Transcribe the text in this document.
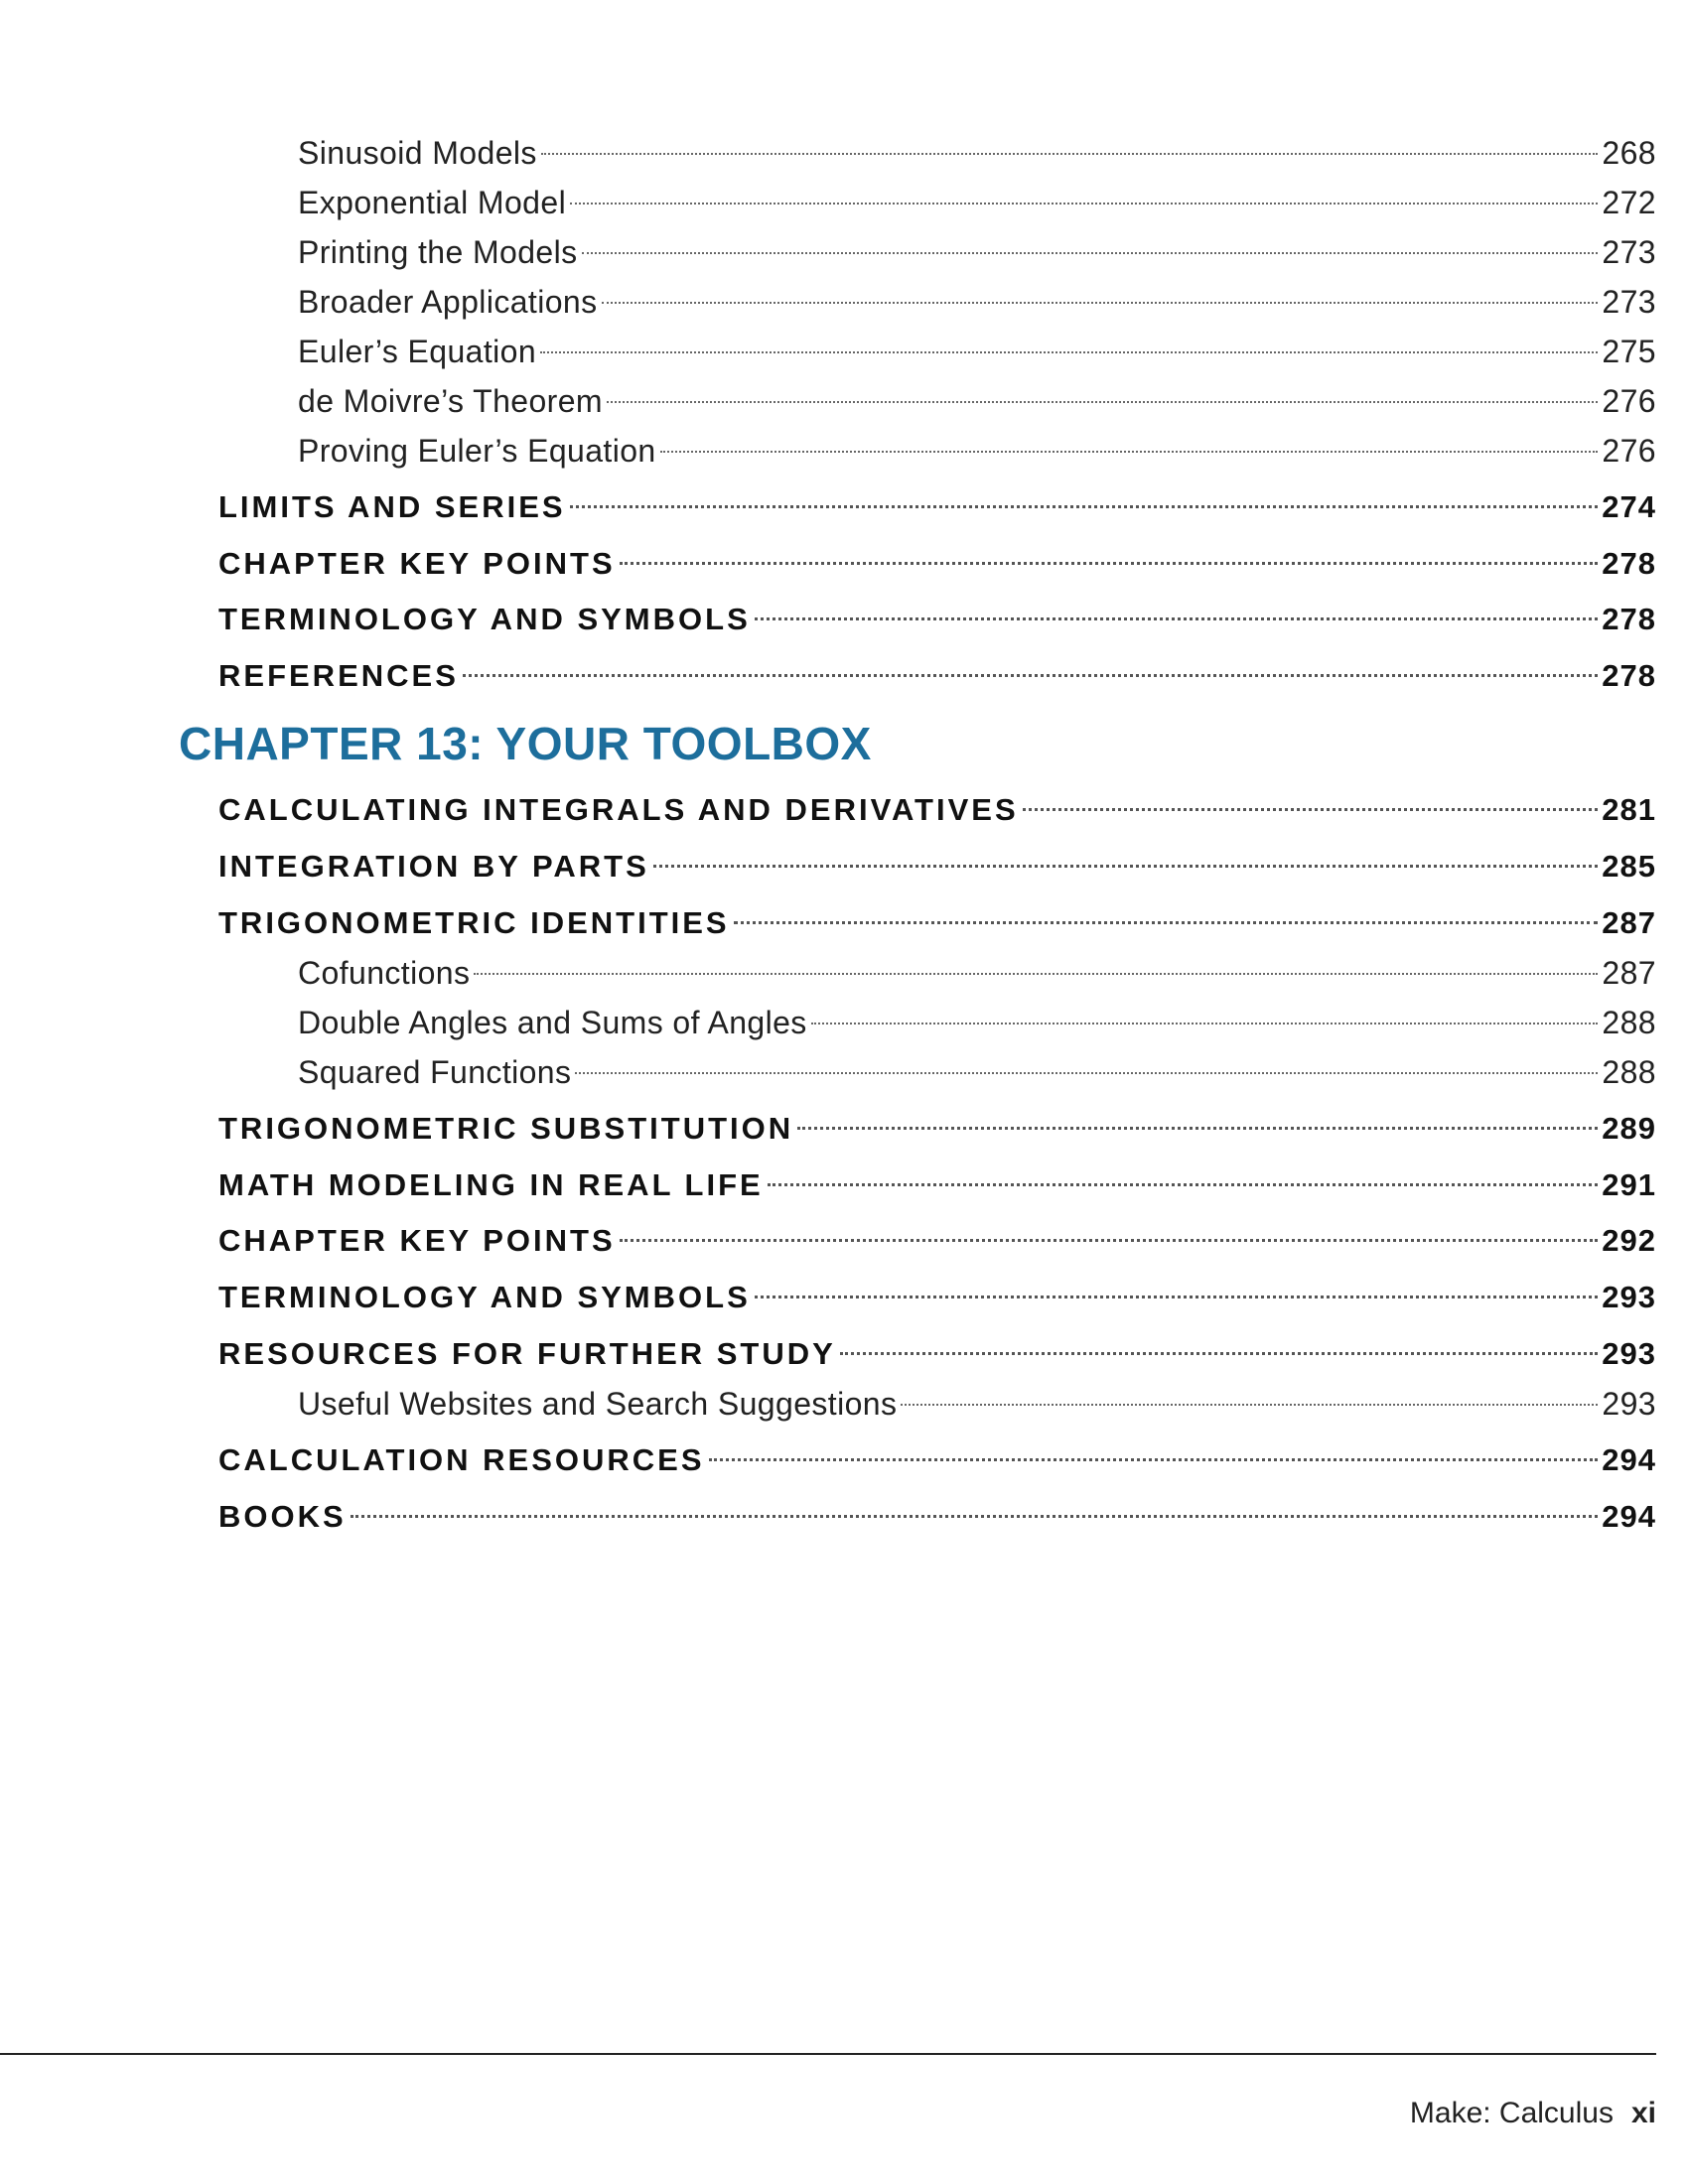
Sinusoid Models	268
Exponential Model	272
Printing the Models	273
Broader Applications	273
Euler’s Equation	275
de Moivre’s Theorem	276
Proving Euler’s Equation	276
LIMITS AND SERIES	274
CHAPTER KEY POINTS	278
TERMINOLOGY AND SYMBOLS	278
REFERENCES	278
CHAPTER 13: YOUR TOOLBOX
CALCULATING INTEGRALS AND DERIVATIVES	281
INTEGRATION BY PARTS	285
TRIGONOMETRIC IDENTITIES	287
Cofunctions	287
Double Angles and Sums of Angles	288
Squared Functions	288
TRIGONOMETRIC SUBSTITUTION	289
MATH MODELING IN REAL LIFE	291
CHAPTER KEY POINTS	292
TERMINOLOGY AND SYMBOLS	293
RESOURCES FOR FURTHER STUDY	293
Useful Websites and Search Suggestions	293
CALCULATION RESOURCES	294
BOOKS	294
Make: Calculus xi
